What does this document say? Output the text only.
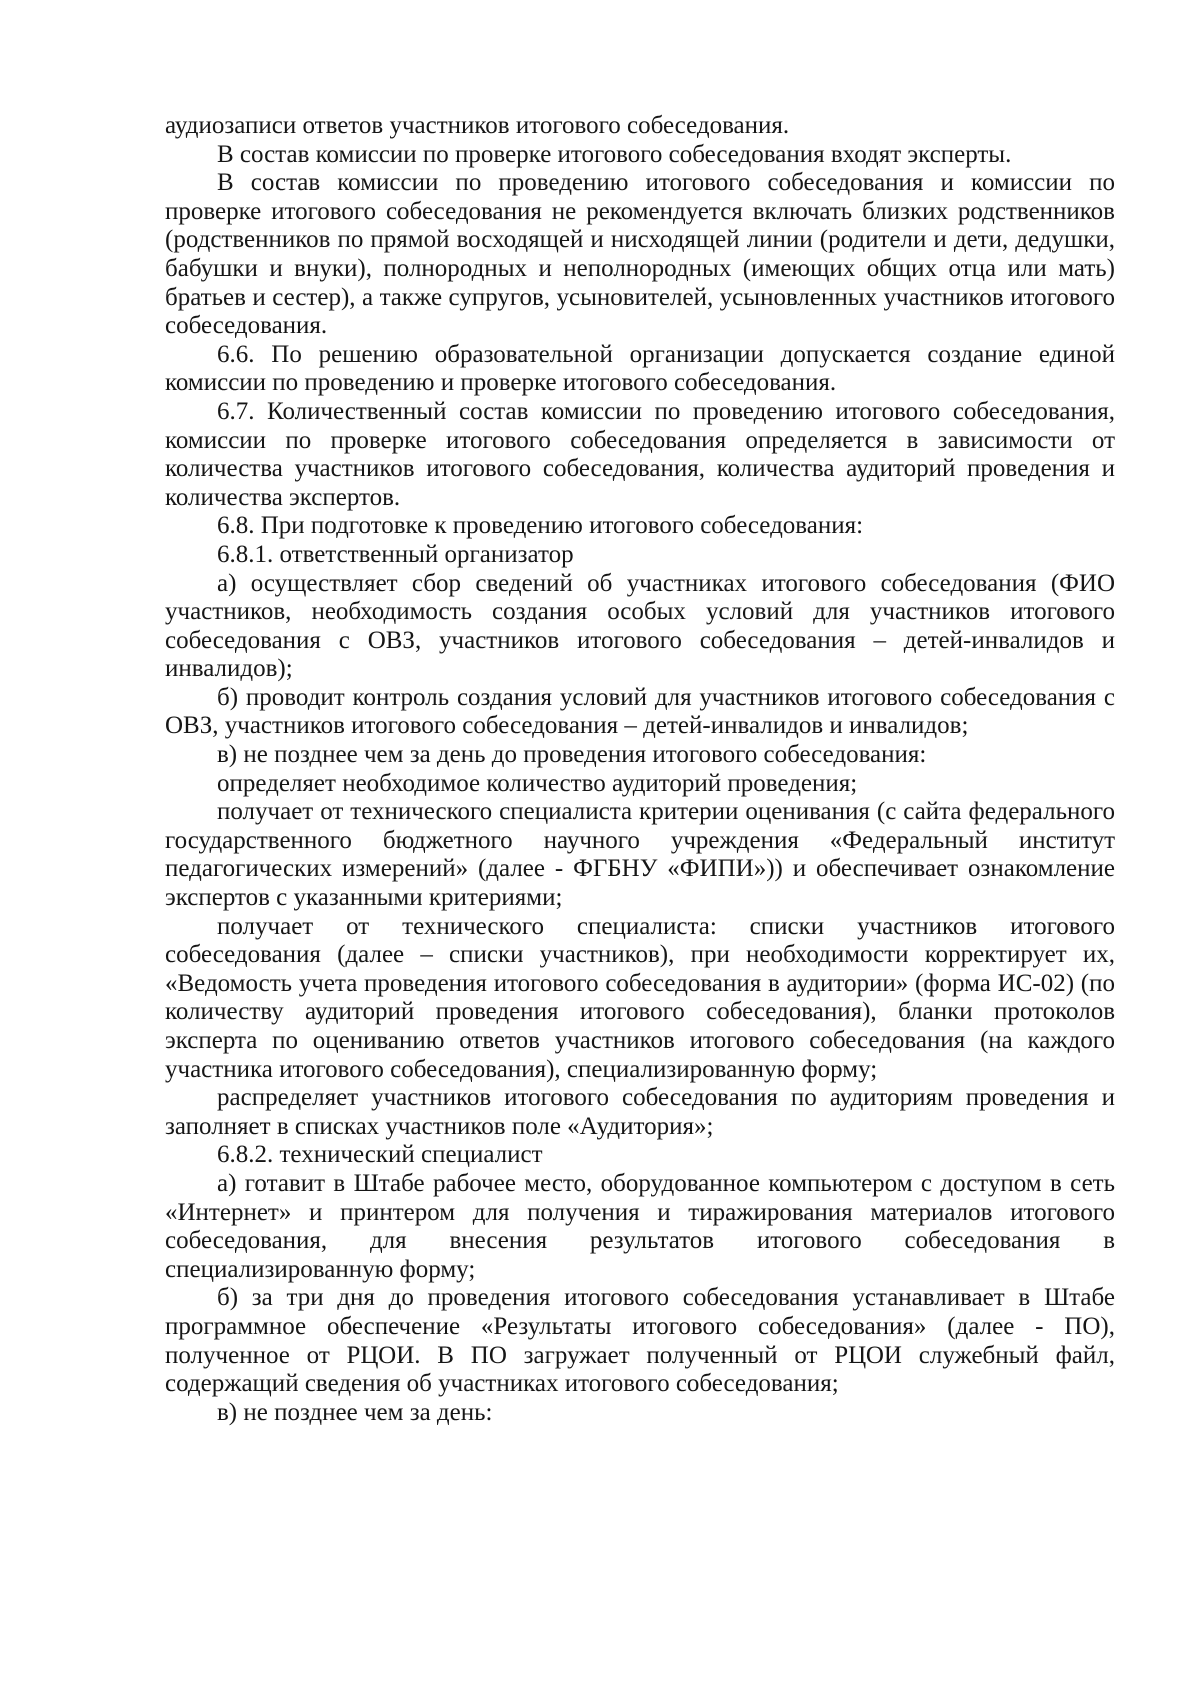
аудиозаписи ответов участников итогового собеседования.

В состав комиссии по проверке итогового собеседования входят эксперты.

В состав комиссии по проведению итогового собеседования и комиссии по проверке итогового собеседования не рекомендуется включать близких родственников (родственников по прямой восходящей и нисходящей линии (родители и дети, дедушки, бабушки и внуки), полнородных и неполнородных (имеющих общих отца или мать) братьев и сестер), а также супругов, усыновителей, усыновленных участников итогового собеседования.

6.6. По решению образовательной организации допускается создание единой комиссии по проведению и проверке итогового собеседования.

6.7. Количественный состав комиссии по проведению итогового собеседования, комиссии по проверке итогового собеседования определяется в зависимости от количества участников итогового собеседования, количества аудиторий проведения и количества экспертов.

6.8. При подготовке к проведению итогового собеседования:

6.8.1. ответственный организатор

а) осуществляет сбор сведений об участниках итогового собеседования (ФИО участников, необходимость создания особых условий для участников итогового собеседования с ОВЗ, участников итогового собеседования – детей-инвалидов и инвалидов);

б) проводит контроль создания условий для участников итогового собеседования с ОВЗ, участников итогового собеседования – детей-инвалидов и инвалидов;

в) не позднее чем за день до проведения итогового собеседования:

определяет необходимое количество аудиторий проведения;

получает от технического специалиста критерии оценивания (с сайта федерального государственного бюджетного научного учреждения «Федеральный институт педагогических измерений» (далее - ФГБНУ «ФИПИ»)) и обеспечивает ознакомление экспертов с указанными критериями;

получает от технического специалиста: списки участников итогового собеседования (далее – списки участников), при необходимости корректирует их, «Ведомость учета проведения итогового собеседования в аудитории» (форма ИС-02) (по количеству аудиторий проведения итогового собеседования), бланки протоколов эксперта по оцениванию ответов участников итогового собеседования (на каждого участника итогового собеседования), специализированную форму;

распределяет участников итогового собеседования по аудиториям проведения и заполняет в списках участников поле «Аудитория»;

6.8.2. технический специалист

а) готавит в Штабе рабочее место, оборудованное компьютером с доступом в сеть «Интернет» и принтером для получения и тиражирования материалов итогового собеседования, для внесения результатов итогового собеседования в специализированную форму;

б) за три дня до проведения итогового собеседования устанавливает в Штабе программное обеспечение «Результаты итогового собеседования» (далее - ПО), полученное от РЦОИ. В ПО загружает полученный от РЦОИ служебный файл, содержащий сведения об участниках итогового собеседования;

в) не позднее чем за день:
